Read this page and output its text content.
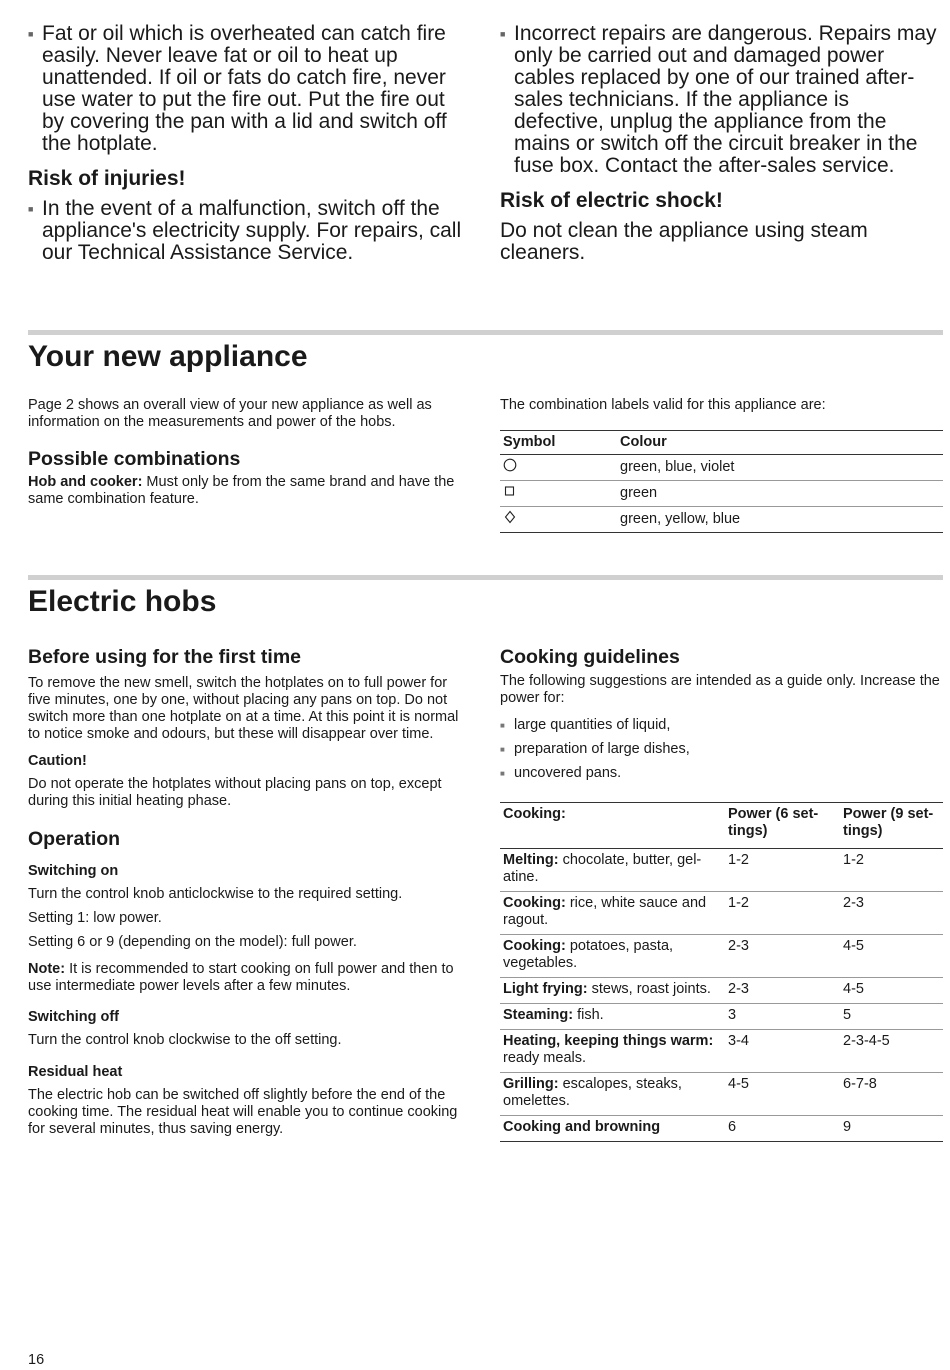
■ Fat or oil which is overheated can catch fire easily. Never leave fat or oil to heat up unattended. If oil or fats do catch fire, never use water to put the fire out. Put the fire out by covering the pan with a lid and switch off the hotplate.
Risk of injuries!
■ In the event of a malfunction, switch off the appliance's electricity supply. For repairs, call our Technical Assistance Service.
■ Incorrect repairs are dangerous. Repairs may only be carried out and damaged power cables replaced by one of our trained after-sales technicians. If the appliance is defective, unplug the appliance from the mains or switch off the circuit breaker in the fuse box. Contact the after-sales service.
Risk of electric shock!
Do not clean the appliance using steam cleaners.
Your new appliance

Page 2 shows an overall view of your new appliance as well as information on the measurements and power of the hobs.

Possible combinations

Hob and cooker: Must only be from the same brand and have the same combination feature.

The combination labels valid for this appliance are:

Symbol	Colour
	green, blue, violet
	green
	green, yellow, blue
Electric hobs
Before using for the first time

To remove the new smell, switch the hotplates on to full power for five minutes, one by one, without placing any pans on top. Do not switch more than one hotplate on at a time. At this point it is normal to notice smoke and odours, but these will disappear over time.

Caution!

Do not operate the hotplates without placing pans on top, except during this initial heating phase.

Operation
Switching on

Turn the control knob anticlockwise to the required setting.

Setting 1: low power.

Setting 6 or 9 (depending on the model): full power.

Note: It is recommended to start cooking on full power and then to use intermediate power levels after a few minutes.

Switching off

Turn the control knob clockwise to the off setting.

Residual heat

The electric hob can be switched off slightly before the end of the cooking time. The residual heat will enable you to continue cooking for several minutes, thus saving energy.

Cooking guidelines

The following suggestions are intended as a guide only. Increase the power for:

■ large quantities of liquid,
■ preparation of large dishes,
■ uncovered pans.
Cooking:	Power (6 set-tings)	Power (9 set-tings)
Melting: chocolate, butter, gel-atine.	1-2	1-2
Cooking: rice, white sauce and ragout.	1-2	2-3
Cooking: potatoes, pasta, vegetables.	2-3	4-5
Light frying: stews, roast joints.	2-3	4-5
Steaming: fish.	3	5
Heating, keeping things warm: ready meals.	3-4	2-3-4-5
Grilling: escalopes, steaks, omelettes.	4-5	6-7-8
Cooking and browning	6	9
16
